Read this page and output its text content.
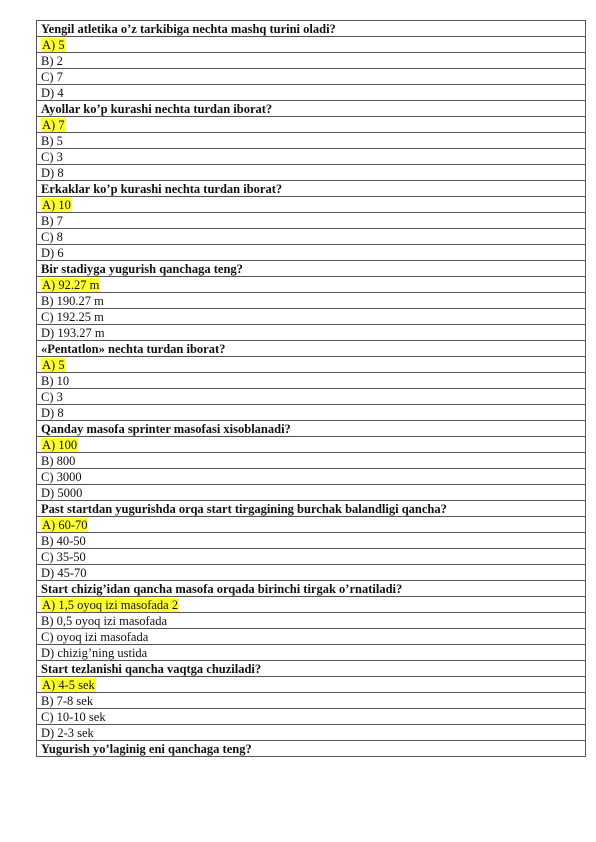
Yengil atletika o’z tarkibiga nechta mashq turini oladi?
A) 5
B) 2
C) 7
D) 4
Ayollar ko’p kurashi nechta turdan iborat?
A) 7
B) 5
C) 3
D) 8
Erkaklar ko’p kurashi nechta turdan iborat?
A) 10
B) 7
C) 8
D) 6
Bir stadiyga yugurish qanchaga teng?
A) 92.27 m
B) 190.27 m
C) 192.25 m
D) 193.27 m
«Pentatlon» nechta turdan iborat?
A) 5
B) 10
C) 3
D) 8
Qanday masofa sprinter masofasi xisoblanadi?
A) 100
B) 800
C) 3000
D) 5000
Past startdan yugurishda orqa start tirgagining burchak balandligi qancha?
A) 60-70
B) 40-50
C) 35-50
D) 45-70
Start chizig’idan qancha masofa orqada birinchi tirgak o’rnatiladi?
A) 1,5 oyoq izi masofada 2
B) 0,5 oyoq izi masofada
C) oyoq izi masofada
D) chizig’ning ustida
Start tezlanishi qancha vaqtga chuziladi?
A) 4-5 sek
B) 7-8 sek
C) 10-10 sek
D) 2-3 sek
Yugurish yo’laginig eni qanchaga teng?
